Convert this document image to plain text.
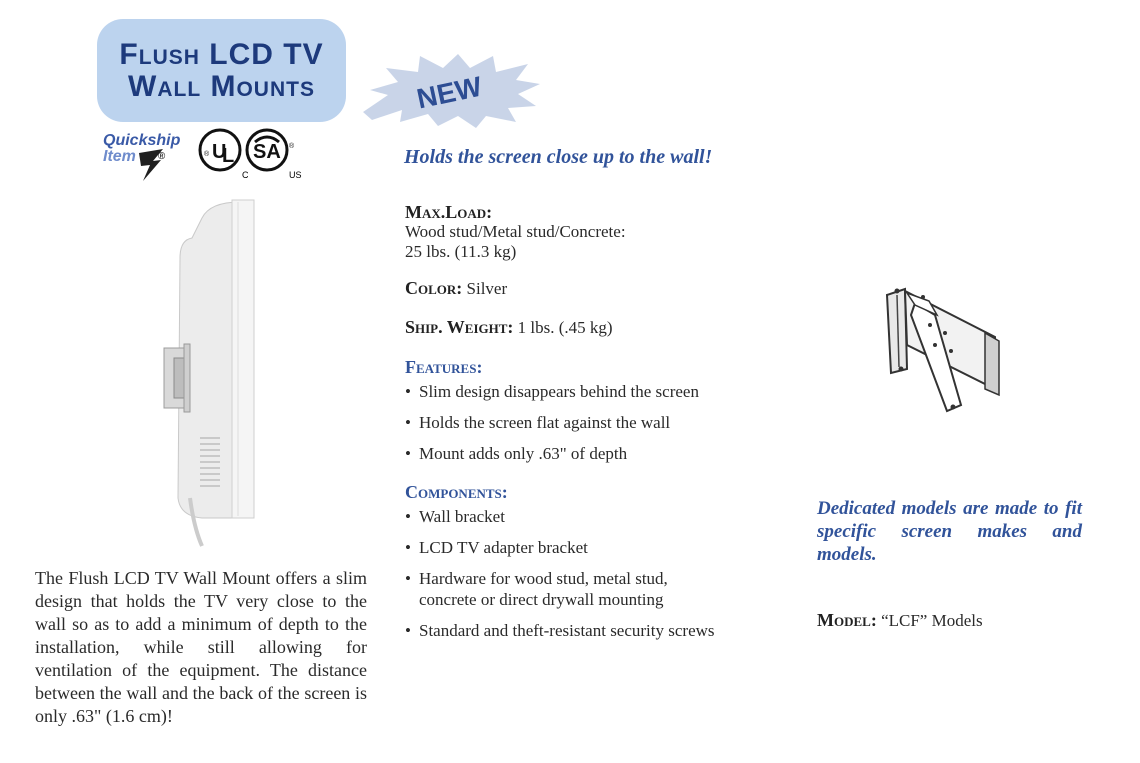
Flush LCD TV
Wall Mounts	NEW
Quickship
Item ®	U
L
C
® SA ®
US
The Flush LCD TV Wall Mount offers a slim design that holds the TV very close to the wall so as to add a minimum of depth to the installation, while still allowing for ventilation of the equipment. The distance between the wall and the back of the screen is only .63" (1.6 cm)!
Holds the screen close up to the wall!
Max.Load:
Wood stud/Metal stud/Concrete:
25 lbs. (11.3 kg)
Color: Silver
Ship. Weight: 1 lbs. (.45 kg)
Features:
• Slim design disappears behind the screen
• Holds the screen flat against the wall
• Mount adds only .63" of depth
Components:
• Wall bracket
• LCD TV adapter bracket
• Hardware for wood stud, metal stud,
concrete or direct drywall mounting
• Standard and theft-resistant security screws
Dedicated models are made to fit specific screen makes and models.
Model: “LCF” Models
